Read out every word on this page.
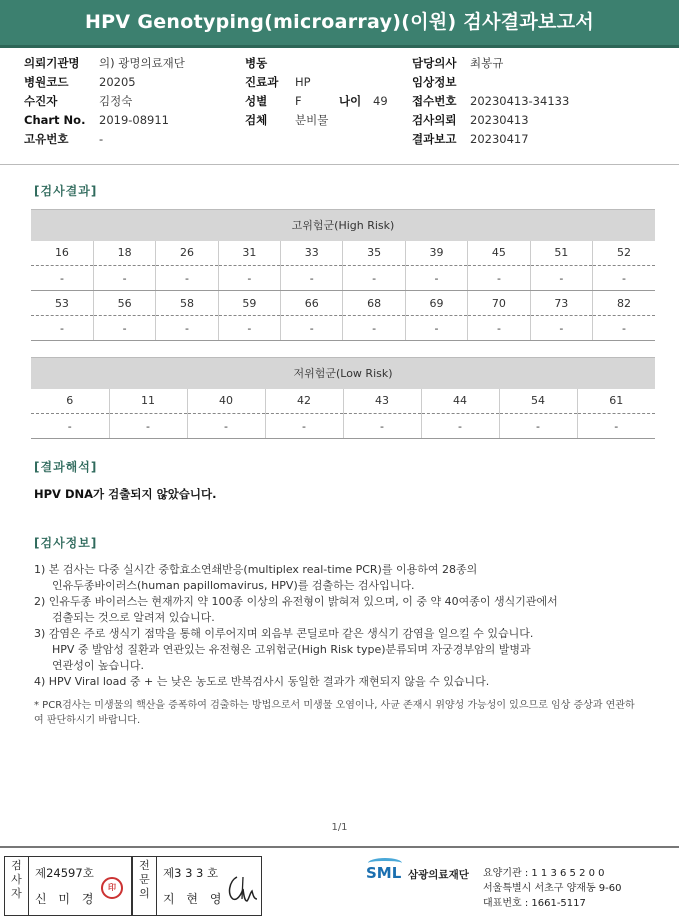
HPV Genotyping(microarray)(이원) 검사결과보고서
의뢰기관명 의) 광명의료재단
병원코드	20205
수진자	김정숙
Chart No. 2019-08911
고유번호	-
병동
진료과 HP
성별 F	나이 49
검체 분비물
담당의사 최봉규
임상정보
접수번호 20230413-34133
검사의뢰 20230413
결과보고 20230417
[검사결과]
고위험군(High Risk)									
16	18	26	31	33	35	39	45	51	52
-	-	-	-	-	-	-	-	-	-
53	56	58	59	66	68	69	70	73	82
-	-	-	-	-	-	-	-	-	-
저위험군(Low Risk)							
6	11	40	42	43	44	54	61
-	-	-	-	-	-	-	-
[결과해석]
HPV DNA가 검출되지 않았습니다.
[검사정보]
1) 본 검사는 다중 실시간 중합효소연쇄반응(multiplex real-time PCR)를 이용하여 28종의
인유두종바이러스(human papillomavirus, HPV)를 검출하는 검사입니다.
2) 인유두종 바이러스는 현재까지 약 100종 이상의 유전형이 밝혀져 있으며, 이 중 약 40여종이 생식기관에서
검출되는 것으로 알려져 있습니다.
3) 감염은 주로 생식기 점막을 통해 이루어지며 외음부 콘딜로마 같은 생식기 감염을 일으킬 수 있습니다.
HPV 중 발암성 질환과 연관있는 유전형은 고위험군(High Risk type)분류되며 자궁경부암의 발병과
연관성이 높습니다.
4) HPV Viral load 중 + 는 낮은 농도로 반복검사시 동일한 결과가 재현되지 않을 수 있습니다.
* PCR검사는 미생물의 핵산을 증폭하여 검출하는 방법으로서 미생물 오염이나, 사균 존재시 위양성 가능성이 있으므로 임상 증상과 연관하여 판단하시기 바랍니다.
1/1
검
사
자
제24597호
신 미 경
印
전
문
의
제3 3 3 호
지 현 영
SML 삼광의료재단 요양기관 : 1 1 3 6 5 2 0 0
서울특별시 서초구 양재동 9-60
대표번호 : 1661-5117
